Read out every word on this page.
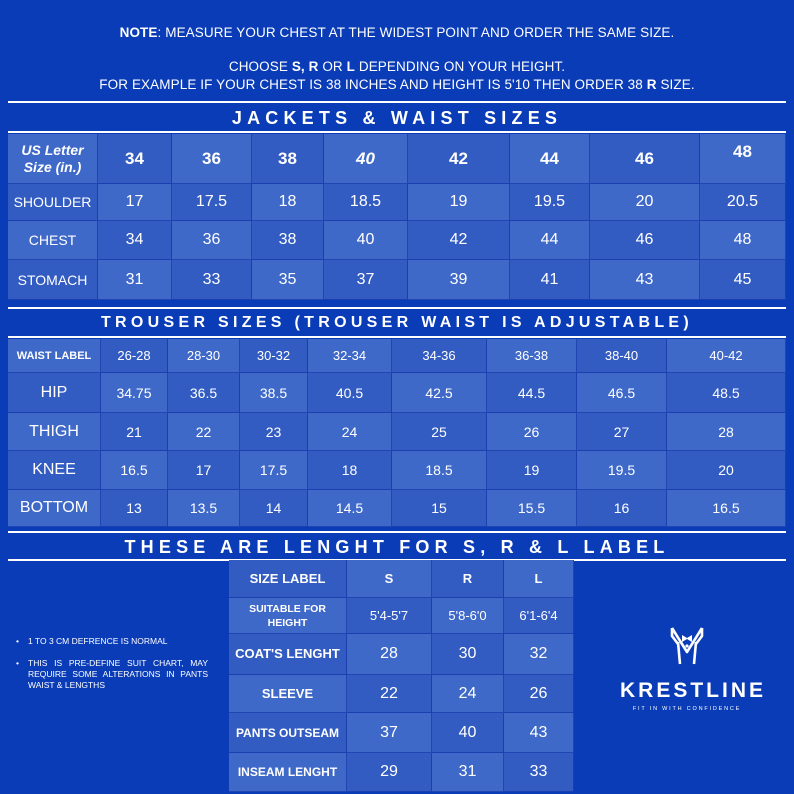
NOTE: MEASURE YOUR CHEST AT THE WIDEST POINT AND ORDER THE SAME SIZE.
CHOOSE S, R OR L DEPENDING ON YOUR HEIGHT.
FOR EXAMPLE IF YOUR CHEST IS 38 INCHES AND HEIGHT IS 5'10 THEN ORDER 38 R SIZE.
JACKETS & WAIST SIZES
US Letter Size (in.)	34	36	38	40	42	44	46	48
SHOULDER	17	17.5	18	18.5	19	19.5	20	20.5
CHEST	34	36	38	40	42	44	46	48
STOMACH	31	33	35	37	39	41	43	45
TROUSER SIZES (TROUSER WAIST IS ADJUSTABLE)
WAIST LABEL	26-28	28-30	30-32	32-34	34-36	36-38	38-40	40-42
HIP	34.75	36.5	38.5	40.5	42.5	44.5	46.5	48.5
THIGH	21	22	23	24	25	26	27	28
KNEE	16.5	17	17.5	18	18.5	19	19.5	20
BOTTOM	13	13.5	14	14.5	15	15.5	16	16.5
THESE ARE LENGHT FOR S, R & L LABEL
SIZE LABEL	S	R	L
SUITABLE FOR HEIGHT	5'4-5'7	5'8-6'0	6'1-6'4
COAT'S LENGHT	28	30	32
SLEEVE	22	24	26
PANTS OUTSEAM	37	40	43
INSEAM LENGHT	29	31	33
• 1 TO 3 CM DEFRENCE IS NORMAL
• THIS IS PRE-DEFINE SUIT CHART, MAY REQUIRE SOME ALTERATIONS IN PANTS WAIST & LENGTHS	KRESTLINE
FIT IN WITH CONFIDENCE
